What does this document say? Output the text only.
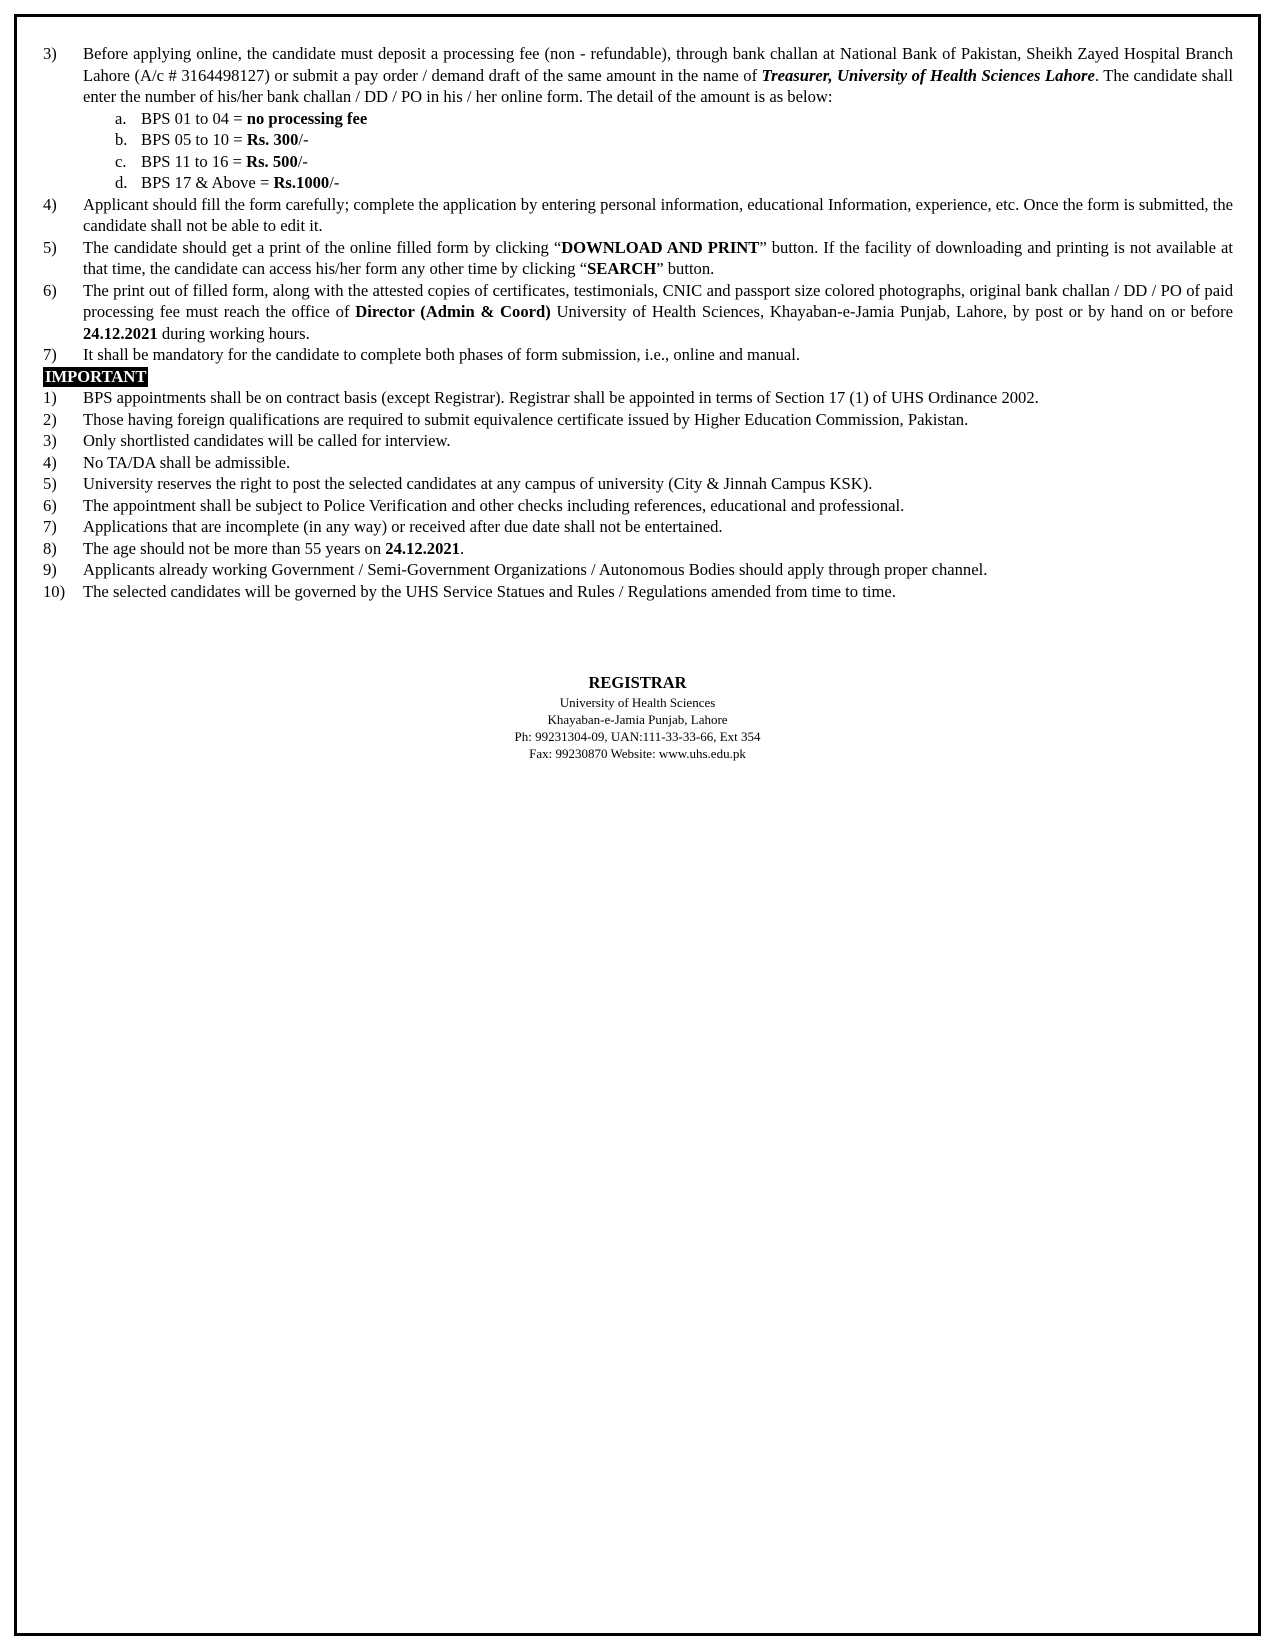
3)	Before applying online, the candidate must deposit a processing fee (non - refundable), through bank challan at National Bank of Pakistan, Sheikh Zayed Hospital Branch Lahore (A/c # 3164498127) or submit a pay order / demand draft of the same amount in the name of Treasurer, University of Health Sciences Lahore. The candidate shall enter the number of his/her bank challan / DD / PO in his / her online form. The detail of the amount is as below:
a. BPS 01 to 04 = no processing fee
b. BPS 05 to 10 = Rs. 300/-
c. BPS 11 to 16 = Rs. 500/-
d. BPS 17 & Above = Rs.1000/-
4)	Applicant should fill the form carefully; complete the application by entering personal information, educational Information, experience, etc. Once the form is submitted, the candidate shall not be able to edit it.
5)	The candidate should get a print of the online filled form by clicking “DOWNLOAD AND PRINT” button. If the facility of downloading and printing is not available at that time, the candidate can access his/her form any other time by clicking “SEARCH” button.
6)	The print out of filled form, along with the attested copies of certificates, testimonials, CNIC and passport size colored photographs, original bank challan / DD / PO of paid processing fee must reach the office of Director (Admin & Coord) University of Health Sciences, Khayaban-e-Jamia Punjab, Lahore, by post or by hand on or before 24.12.2021 during working hours.
7)	It shall be mandatory for the candidate to complete both phases of form submission, i.e., online and manual.
IMPORTANT
1)	BPS appointments shall be on contract basis (except Registrar). Registrar shall be appointed in terms of Section 17 (1) of UHS Ordinance 2002.
2)	Those having foreign qualifications are required to submit equivalence certificate issued by Higher Education Commission, Pakistan.
3)	Only shortlisted candidates will be called for interview.
4)	No TA/DA shall be admissible.
5)	University reserves the right to post the selected candidates at any campus of university (City & Jinnah Campus KSK).
6)	The appointment shall be subject to Police Verification and other checks including references, educational and professional.
7)	Applications that are incomplete (in any way) or received after due date shall not be entertained.
8)	The age should not be more than 55 years on 24.12.2021.
9)	Applicants already working Government / Semi-Government Organizations / Autonomous Bodies should apply through proper channel.
10)	The selected candidates will be governed by the UHS Service Statues and Rules / Regulations amended from time to time.
REGISTRAR
University of Health Sciences
Khayaban-e-Jamia Punjab, Lahore
Ph: 99231304-09, UAN:111-33-33-66, Ext 354
Fax: 99230870 Website: www.uhs.edu.pk
